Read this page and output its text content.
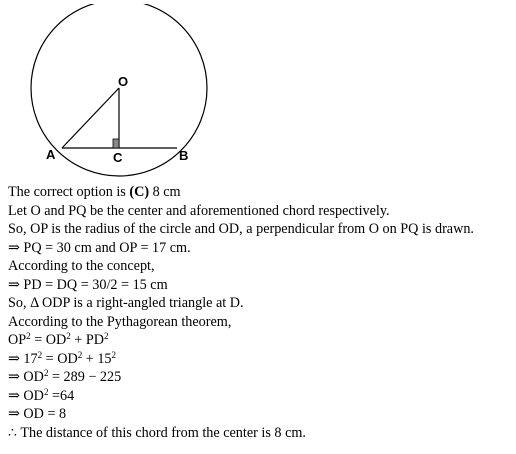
O
A	C	B
The correct option is (C) 8 cm
Let O and PQ be the center and aforementioned chord respectively.
So, OP is the radius of the circle and OD, a perpendicular from O on PQ is drawn.
⇒ PQ = 30 cm and OP = 17 cm.
According to the concept,
⇒ PD = DQ = 30/2 = 15 cm
So, Δ ODP is a right-angled triangle at D.
According to the Pythagorean theorem,
$OP^2 = OD^2 + PD^2$
⇒ $17^2 = OD^2 + 15^2$
⇒ $OD^2 = 289 - 225$
⇒ $OD^2 =64$
⇒ OD = 8
∴ The distance of this chord from the center is 8 cm.
